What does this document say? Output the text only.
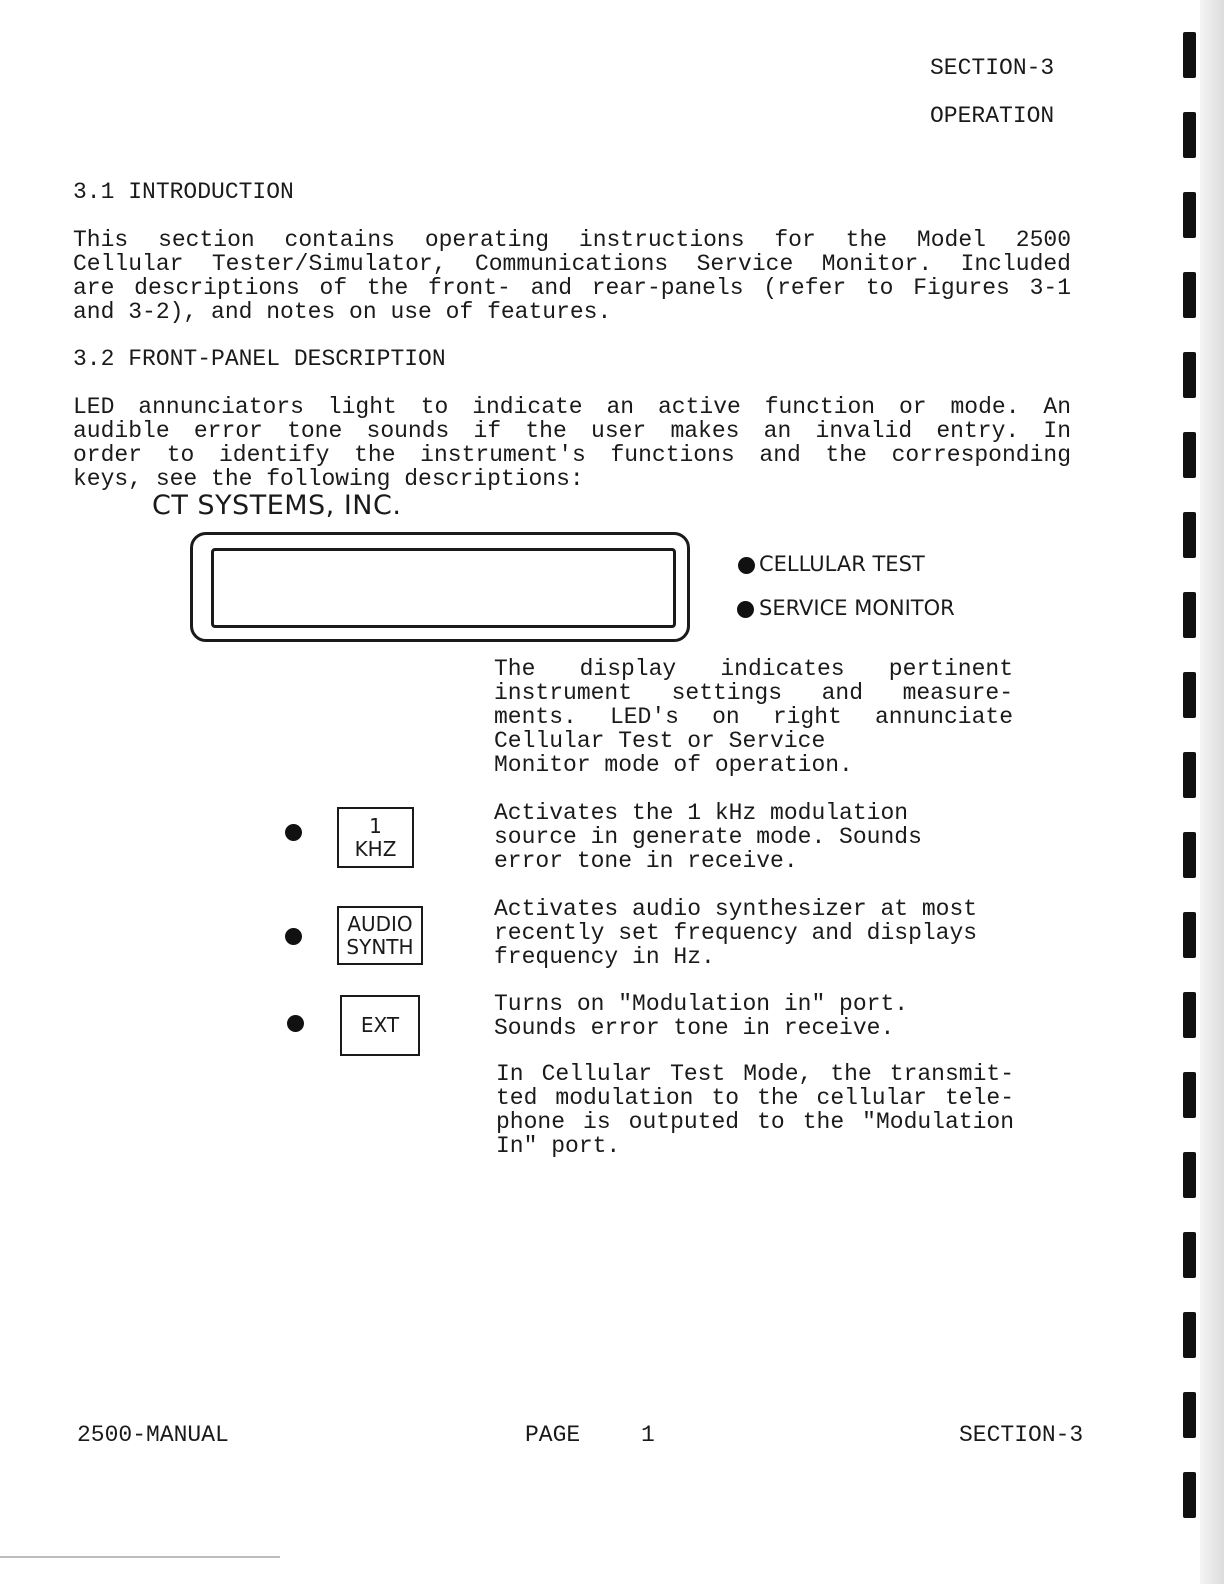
SECTION-3
OPERATION
3.1 INTRODUCTION
This section contains operating instructions for the Model 2500
Cellular Tester/Simulator, Communications Service Monitor. Included
are descriptions of the front- and rear-panels (refer to Figures 3-1
and 3-2), and notes on use of features.
3.2 FRONT-PANEL DESCRIPTION
LED annunciators light to indicate an active function or mode. An
audible error tone sounds if the user makes an invalid entry. In
order to identify the instrument's functions and the corresponding
keys, see the following descriptions:
CT SYSTEMS, INC.
CELLULAR TEST
SERVICE MONITOR
The display indicates pertinent
instrument settings and measure-
ments. LED's on right annunciate
Cellular Test or Service
Monitor mode of operation.
1
KHZ
Activates the 1 kHz modulation
source in generate mode. Sounds
error tone in receive.
AUDIO
SYNTH
Activates audio synthesizer at most
recently set frequency and displays
frequency in Hz.
EXT
Turns on "Modulation in" port.
Sounds error tone in receive.
In Cellular Test Mode, the transmit-
ted modulation to the cellular tele-
phone is outputed to the "Modulation
In" port.
2500-MANUAL	PAGE	1	SECTION-3
